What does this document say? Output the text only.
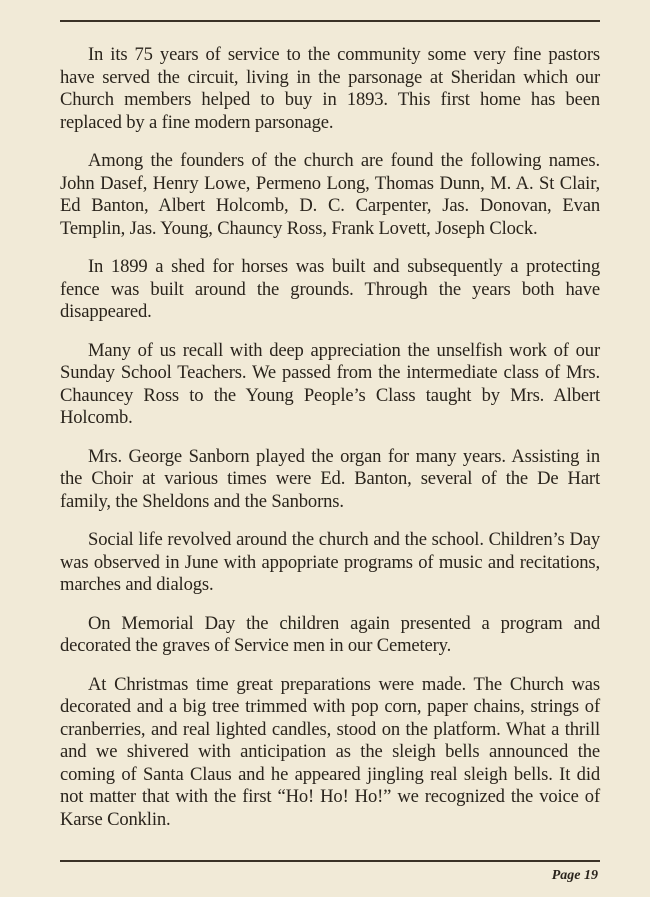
In its 75 years of service to the community some very fine pastors have served the circuit, living in the parsonage at Sheridan which our Church members helped to buy in 1893. This first home has been replaced by a fine modern parsonage.

Among the founders of the church are found the following names. John Dasef, Henry Lowe, Permeno Long, Thomas Dunn, M. A. St Clair, Ed Banton, Albert Holcomb, D. C. Carpenter, Jas. Donovan, Evan Templin, Jas. Young, Chauncy Ross, Frank Lovett, Joseph Clock.

In 1899 a shed for horses was built and subsequently a protecting fence was built around the grounds. Through the years both have disappeared.

Many of us recall with deep appreciation the unselfish work of our Sunday School Teachers. We passed from the intermediate class of Mrs. Chauncey Ross to the Young People’s Class taught by Mrs. Albert Holcomb.

Mrs. George Sanborn played the organ for many years. Assisting in the Choir at various times were Ed. Banton, several of the De Hart family, the Sheldons and the Sanborns.

Social life revolved around the church and the school. Children’s Day was observed in June with appopriate programs of music and recitations, marches and dialogs.

On Memorial Day the children again presented a program and decorated the graves of Service men in our Cemetery.

At Christmas time great preparations were made. The Church was decorated and a big tree trimmed with pop corn, paper chains, strings of cranberries, and real lighted candles, stood on the platform. What a thrill and we shivered with anticipation as the sleigh bells announced the coming of Santa Claus and he appeared jingling real sleigh bells. It did not matter that with the first “Ho! Ho! Ho!” we recognized the voice of Karse Conklin.

Page 19
